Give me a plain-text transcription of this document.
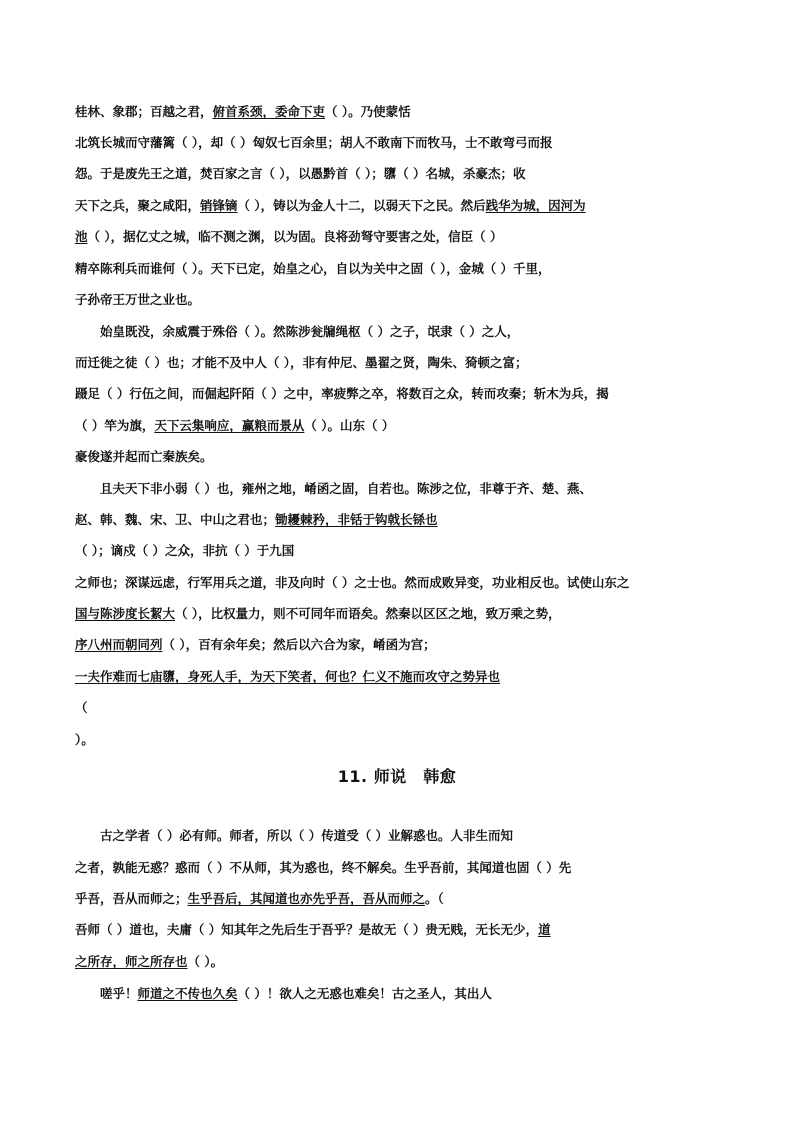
桂林、象郡；百越之君，俯首系颈，委命下吏（ ）。乃使蒙恬
北筑长城而守藩篱（ ），却（ ）匈奴七百余里；胡人不敢南下而牧马，士不敢弯弓而报
怨。于是废先王之道，焚百家之言（ ），以愚黔首（ ）；隳（ ）名城，杀豪杰；收
天下之兵，聚之咸阳，销锋镝（ ），铸以为金人十二，以弱天下之民。然后践华为城，因河为
池（ ），据亿丈之城，临不测之渊，以为固。良将劲弩守要害之处，信臣（ ）
精卒陈利兵而谁何（ ）。天下已定，始皇之心，自以为关中之固（ ），金城（ ）千里，
子孙帝王万世之业也。
始皇既没，余威震于殊俗（ ）。然陈涉瓮牖绳枢（ ）之子，氓隶（ ）之人，
而迁徙之徒（ ）也；才能不及中人（ ），非有仲尼、墨翟之贤，陶朱、猗顿之富；
蹑足（ ）行伍之间，而倔起阡陌（ ）之中，率疲弊之卒，将数百之众，转而攻秦；斩木为兵，揭
（ ）竿为旗，天下云集响应，赢粮而景从（ ）。山东（ ）
豪俊遂并起而亡秦族矣。
且夫天下非小弱（ ）也，雍州之地，崤函之固，自若也。陈涉之位，非尊于齐、楚、燕、
赵、韩、魏、宋、卫、中山之君也；锄耰棘矜，非铦于钩戟长铩也
（ ）；谪戍（ ）之众，非抗（ ）于九国
之师也；深谋远虑，行军用兵之道，非及向时（ ）之士也。然而成败异变，功业相反也。试使山东之
国与陈涉度长絜大（ ），比权量力，则不可同年而语矣。然秦以区区之地，致万乘之势，
序八州而朝同列（ ），百有余年矣；然后以六合为家，崤函为宫；
一夫作难而七庙隳，身死人手，为天下笑者，何也？仁义不施而攻守之势异也
（
）。
11. 师说　韩愈
古之学者（ ）必有师。师者，所以（ ）传道受（ ）业解惑也。人非生而知
之者，孰能无惑？惑而（ ）不从师，其为惑也，终不解矣。生乎吾前，其闻道也固（ ）先
乎吾，吾从而师之；生乎吾后，其闻道也亦先乎吾，吾从而师之。（
吾师（ ）道也，夫庸（ ）知其年之先后生于吾乎？是故无（ ）贵无贱，无长无少，道
之所存，师之所存也（ ）。
嗟乎！师道之不传也久矣（ ）！欲人之无惑也难矣！古之圣人，其出人
